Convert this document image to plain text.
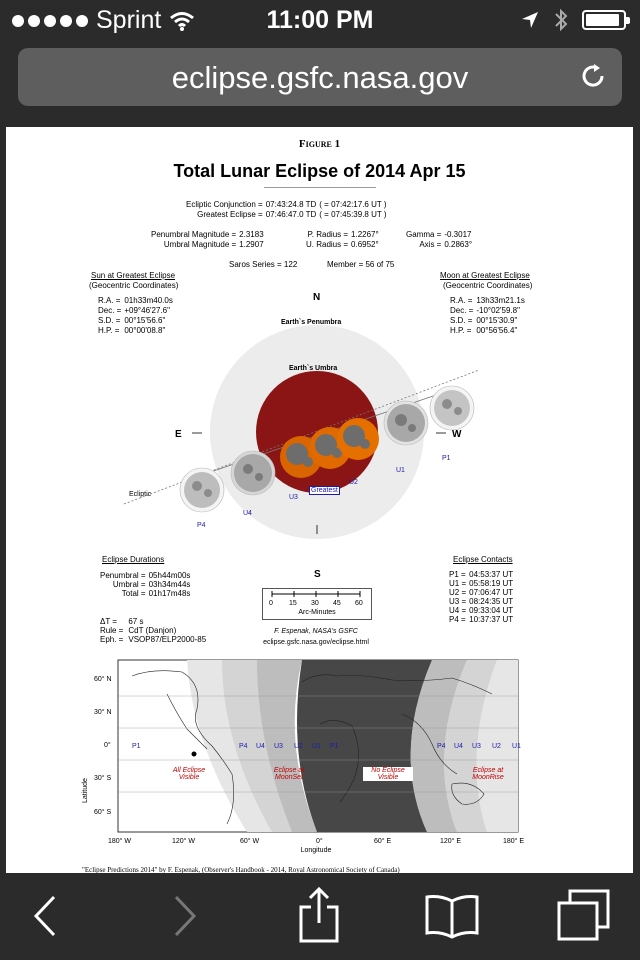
Sprint	11:00 PM
eclipse.gsfc.nasa.gov
Figure 1
Total Lunar Eclipse of 2014 Apr 15
Ecliptic Conjunction = 07:43:24.8 TD ( = 07:42:17.6 UT )
Greatest Eclipse = 07:46:47.0 TD ( = 07:45:39.8 UT )
Penumbral Magnitude = 2.3183
Umbral Magnitude = 1.2907
P. Radius = 1.2267°
U. Radius = 0.6952°
Gamma = -0.3017
Axis = 0.2863°
Saros Series = 122	Member = 56 of 75
Sun at Greatest Eclipse
(Geocentric Coordinates)
R.A. = 01h33m40.0s
Dec. = +09°46'27.6"
S.D. = 00°15'56.6"
H.P. = 00°00'08.8"
Moon at Greatest Eclipse
(Geocentric Coordinates)
R.A. = 13h33m21.1s
Dec. = -10°02'59.8"
S.D. = 00°15'30.9"
H.P. = 00°56'56.4"
N
Earth`s Penumbra
Earth`s Umbra
E	W
Ecliptic
Greatest
P1
U1
U2
U3
U4
P4
S
Eclipse Durations
Penumbral = 05h44m00s
Umbral = 03h34m44s
Total = 01h17m48s
Eclipse Contacts
P1 = 04:53:37 UT
U1 = 05:58:19 UT
U2 = 07:06:47 UT
U3 = 08:24:35 UT
U4 = 09:33:04 UT
P4 = 10:37:37 UT
0 15 30 45 60
Arc-Minutes
ΔT =	67 s
Rule = CdT (Danjon)
Eph. = VSOP87/ELP2000-85
F. Espenak, NASA's GSFC
eclipse.gsfc.nasa.gov/eclipse.html
Latitude
Longitude
60° N
30° N
0°
30° S
60° S
180° W	120° W	60° W	0°	60° E	120° E	180° E
P1	P4 U4 U3 U2 U1 P1	P4 U4 U3 U2 U1
All Eclipse
Visible
Eclipse at
MoonSet
No Eclipse
Visible
Eclipse at
MoonRise
"Eclipse Predictions 2014" by F. Espenak, (Observer's Handbook - 2014, Royal Astronomical Society of Canada)
